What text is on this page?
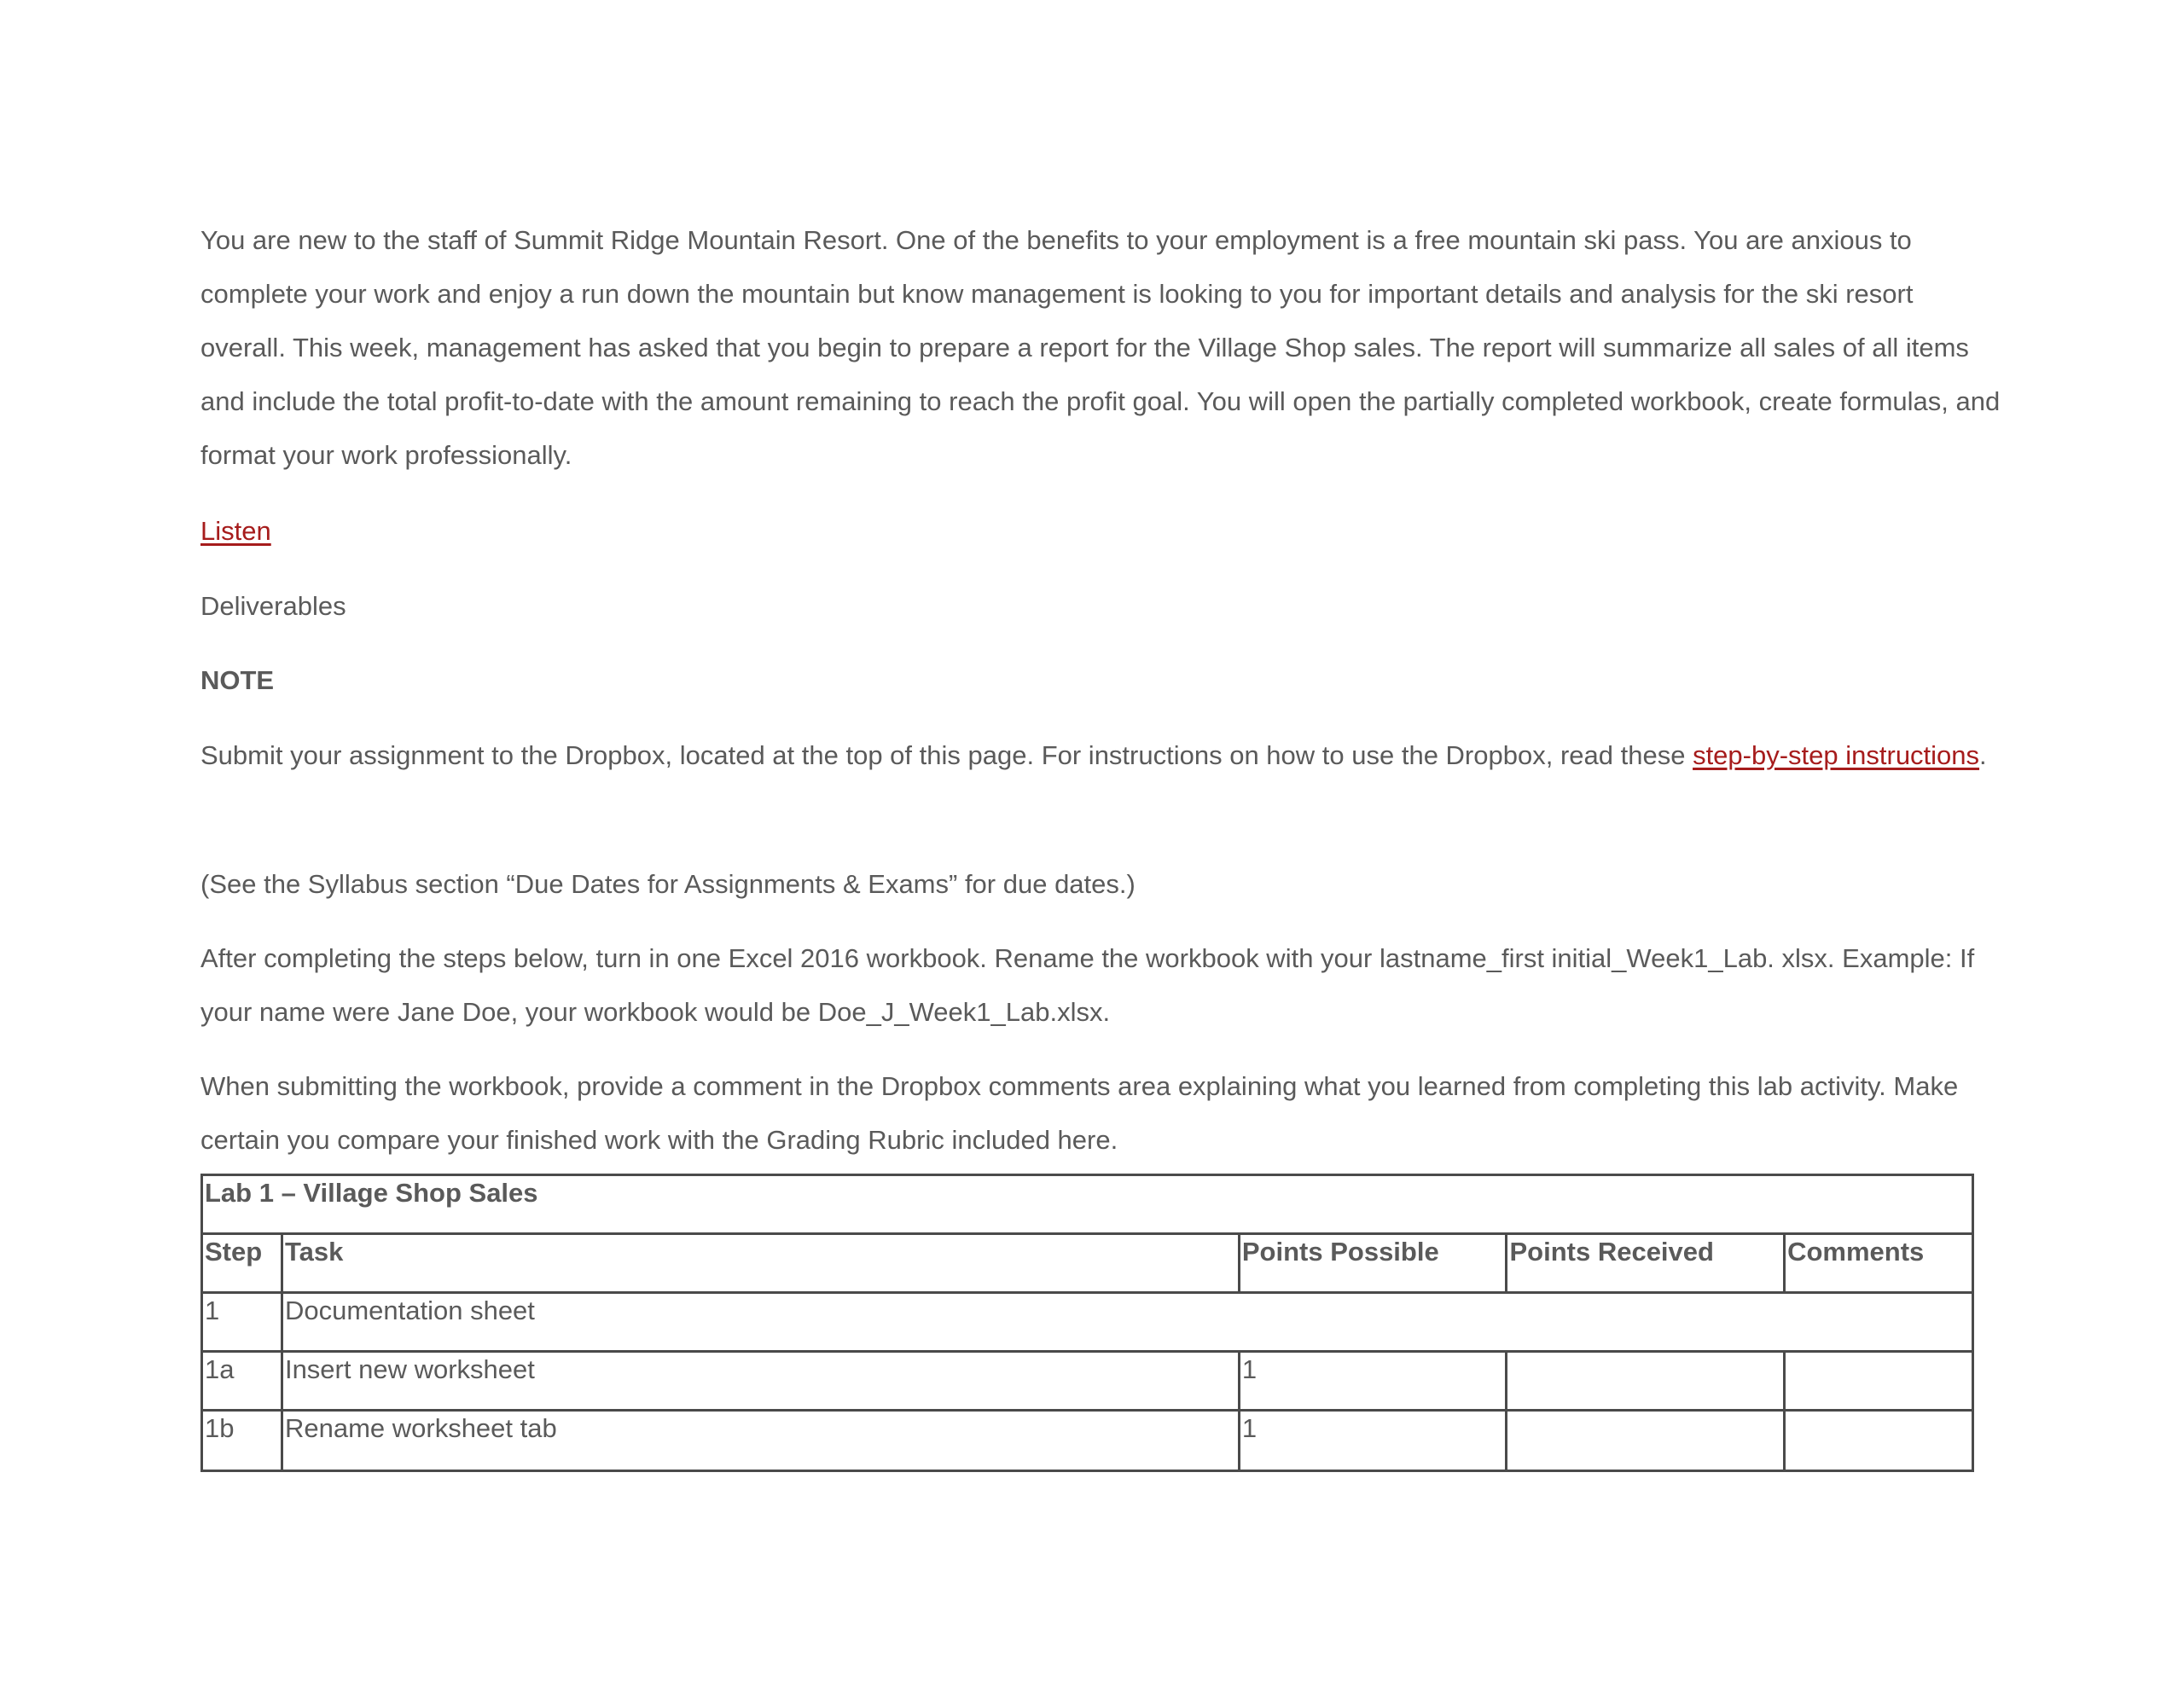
You are new to the staff of Summit Ridge Mountain Resort. One of the benefits to your employment is a free mountain ski pass. You are anxious to complete your work and enjoy a run down the mountain but know management is looking to you for important details and analysis for the ski resort overall. This week, management has asked that you begin to prepare a report for the Village Shop sales. The report will summarize all sales of all items and include the total profit-to-date with the amount remaining to reach the profit goal. You will open the partially completed workbook, create formulas, and format your work professionally.

Listen

Deliverables

NOTE

Submit your assignment to the Dropbox, located at the top of this page. For instructions on how to use the Dropbox, read these step-by-step instructions.

(See the Syllabus section “Due Dates for Assignments & Exams” for due dates.)

After completing the steps below, turn in one Excel 2016 workbook. Rename the workbook with your lastname_first initial_Week1_Lab. xlsx. Example: If your name were Jane Doe, your workbook would be Doe_J_Week1_Lab.xlsx.

When submitting the workbook, provide a comment in the Dropbox comments area explaining what you learned from completing this lab activity. Make certain you compare your finished work with the Grading Rubric included here.

Lab 1 – Village Shop Sales				
Step	Task	Points Possible	Points Received	Comments
1	Documentation sheet			
1a	Insert new worksheet	1		
1b	Rename worksheet tab	1		
